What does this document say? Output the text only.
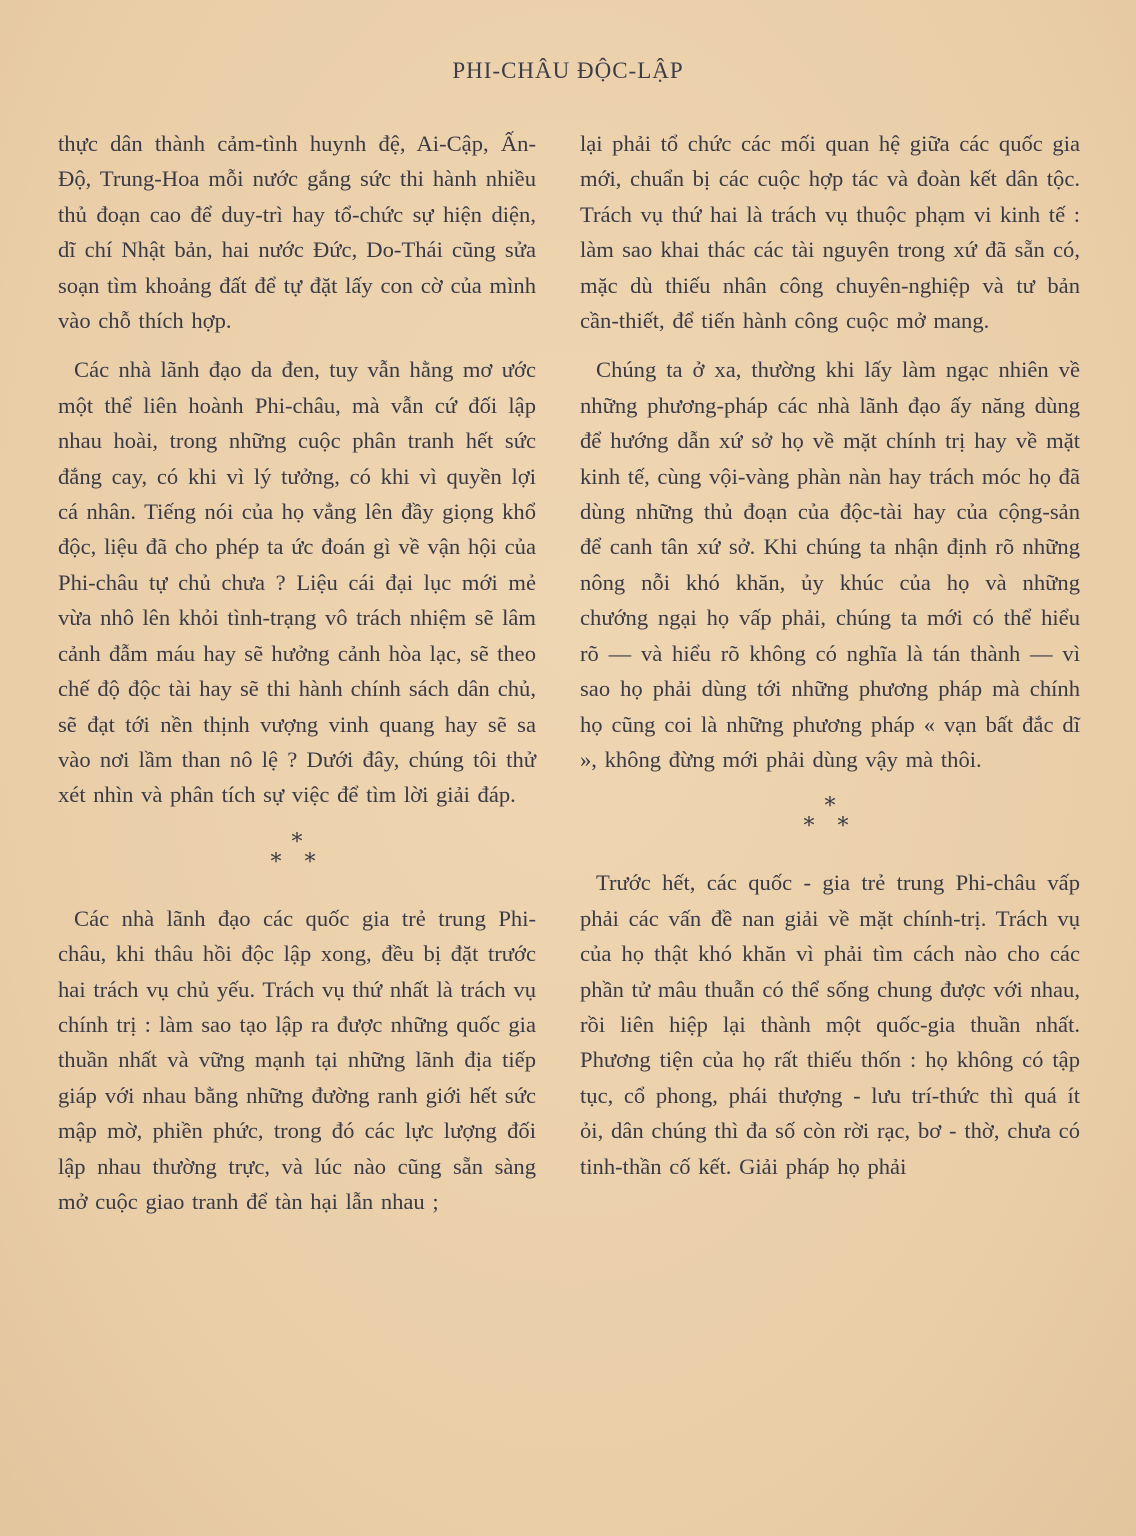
PHI-CHÂU ĐỘC-LẬP

thực dân thành cảm-tình huynh đệ, Ai-Cập, Ấn-Độ, Trung-Hoa mỗi nước gắng sức thi hành nhiều thủ đoạn cao để duy-trì hay tổ-chức sự hiện diện, dĩ chí Nhật bản, hai nước Đức, Do-Thái cũng sửa soạn tìm khoảng đất để tự đặt lấy con cờ của mình vào chỗ thích hợp.

Các nhà lãnh đạo da đen, tuy vẫn hằng mơ ước một thể liên hoành Phi-châu, mà vẫn cứ đối lập nhau hoài, trong những cuộc phân tranh hết sức đắng cay, có khi vì lý tưởng, có khi vì quyền lợi cá nhân. Tiếng nói của họ vẳng lên đầy giọng khổ độc, liệu đã cho phép ta ức đoán gì về vận hội của Phi-châu tự chủ chưa ? Liệu cái đại lục mới mẻ vừa nhô lên khỏi tình-trạng vô trách nhiệm sẽ lâm cảnh đẫm máu hay sẽ hưởng cảnh hòa lạc, sẽ theo chế độ độc tài hay sẽ thi hành chính sách dân chủ, sẽ đạt tới nền thịnh vượng vinh quang hay sẽ sa vào nơi lầm than nô lệ ? Dưới đây, chúng tôi thử xét nhìn và phân tích sự việc để tìm lời giải đáp.

*
* *

Các nhà lãnh đạo các quốc gia trẻ trung Phi-châu, khi thâu hồi độc lập xong, đều bị đặt trước hai trách vụ chủ yếu. Trách vụ thứ nhất là trách vụ chính trị : làm sao tạo lập ra được những quốc gia thuần nhất và vững mạnh tại những lãnh địa tiếp giáp với nhau bằng những đường ranh giới hết sức mập mờ, phiền phức, trong đó các lực lượng đối lập nhau thường trực, và lúc nào cũng sẵn sàng mở cuộc giao tranh để tàn hại lẫn nhau ;

lại phải tổ chức các mối quan hệ giữa các quốc gia mới, chuẩn bị các cuộc hợp tác và đoàn kết dân tộc. Trách vụ thứ hai là trách vụ thuộc phạm vi kinh tế : làm sao khai thác các tài nguyên trong xứ đã sẵn có, mặc dù thiếu nhân công chuyên-nghiệp và tư bản cần-thiết, để tiến hành công cuộc mở mang.

Chúng ta ở xa, thường khi lấy làm ngạc nhiên về những phương-pháp các nhà lãnh đạo ấy năng dùng để hướng dẫn xứ sở họ về mặt chính trị hay về mặt kinh tế, cùng vội-vàng phàn nàn hay trách móc họ đã dùng những thủ đoạn của độc-tài hay của cộng-sản để canh tân xứ sở. Khi chúng ta nhận định rõ những nông nỗi khó khăn, ủy khúc của họ và những chướng ngại họ vấp phải, chúng ta mới có thể hiểu rõ — và hiểu rõ không có nghĩa là tán thành — vì sao họ phải dùng tới những phương pháp mà chính họ cũng coi là những phương pháp « vạn bất đắc dĩ », không đừng mới phải dùng vậy mà thôi.

*
* *

Trước hết, các quốc - gia trẻ trung Phi-châu vấp phải các vấn đề nan giải về mặt chính-trị. Trách vụ của họ thật khó khăn vì phải tìm cách nào cho các phần tử mâu thuẫn có thể sống chung được với nhau, rồi liên hiệp lại thành một quốc-gia thuần nhất. Phương tiện của họ rất thiếu thốn : họ không có tập tục, cổ phong, phái thượng - lưu trí-thức thì quá ít ỏi, dân chúng thì đa số còn rời rạc, bơ - thờ, chưa có tinh-thần cố kết. Giải pháp họ phải
